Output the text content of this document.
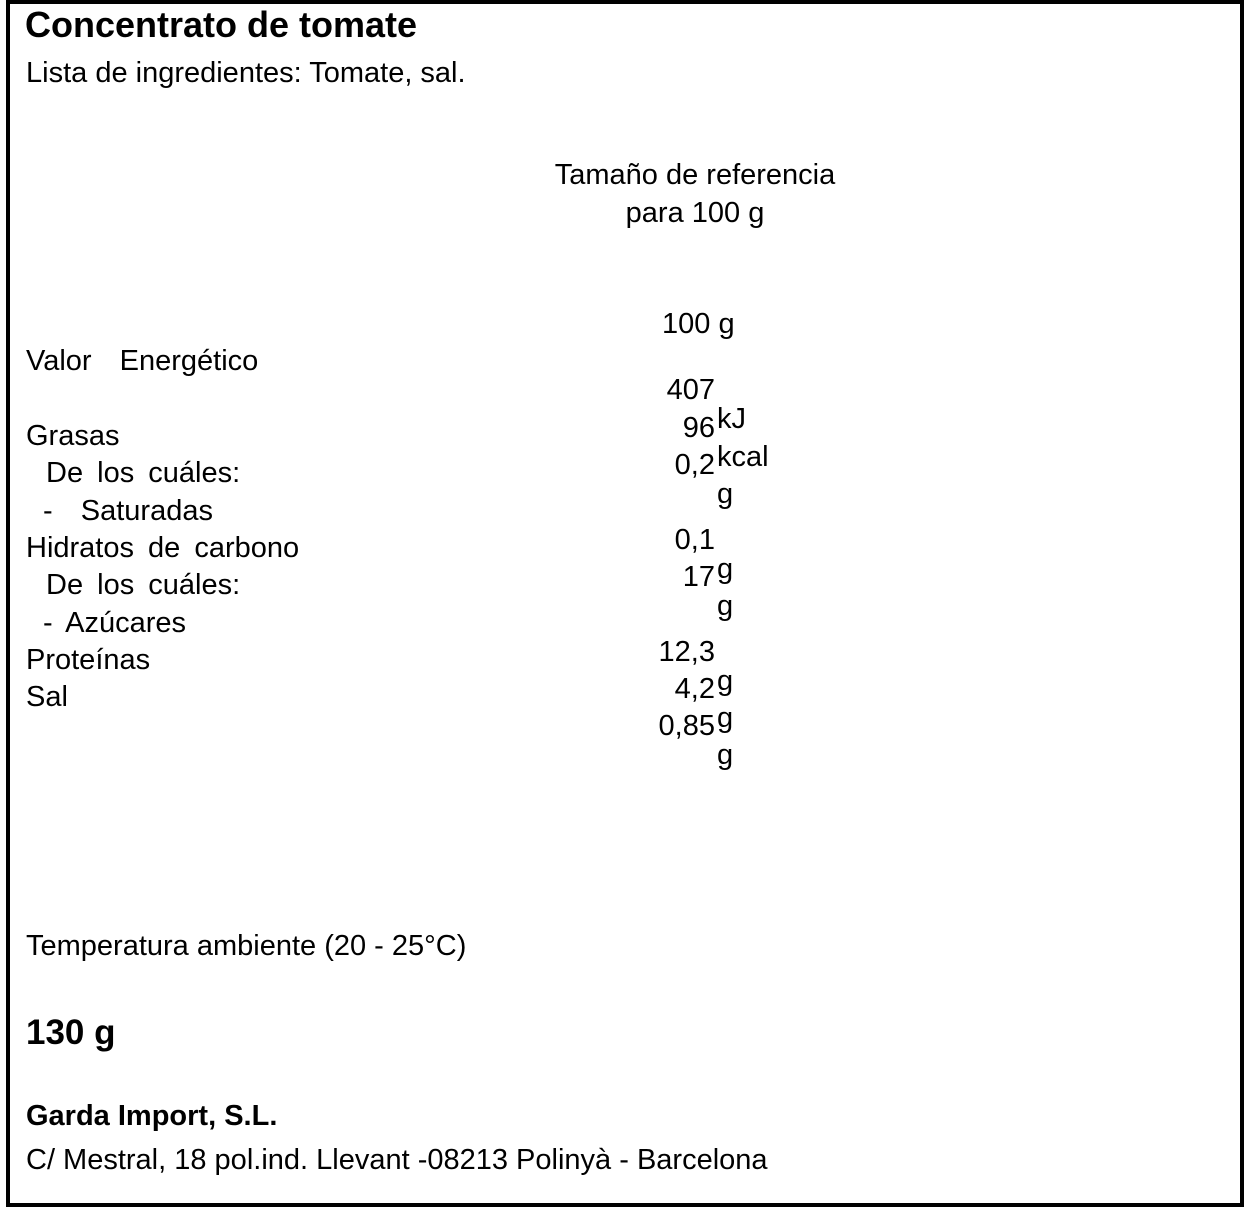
Concentrato de tomate
Lista de ingredientes: Tomate, sal.
Tamaño de referencia
para 100 g
100 g
Valor  Energético

407

kJ

96

kcal

Grasas

0,2

g

De los cuáles:
-  Saturadas

0,1

g

Hidratos de carbono

17

g

De los cuáles:
- Azúcares

12,3

g

Proteínas

4,2

g

Sal

0,85

g

Temperatura ambiente (20 - 25°C)
130 g
Garda Import, S.L.
C/ Mestral, 18 pol.ind. Llevant -08213 Polinyà - Barcelona
